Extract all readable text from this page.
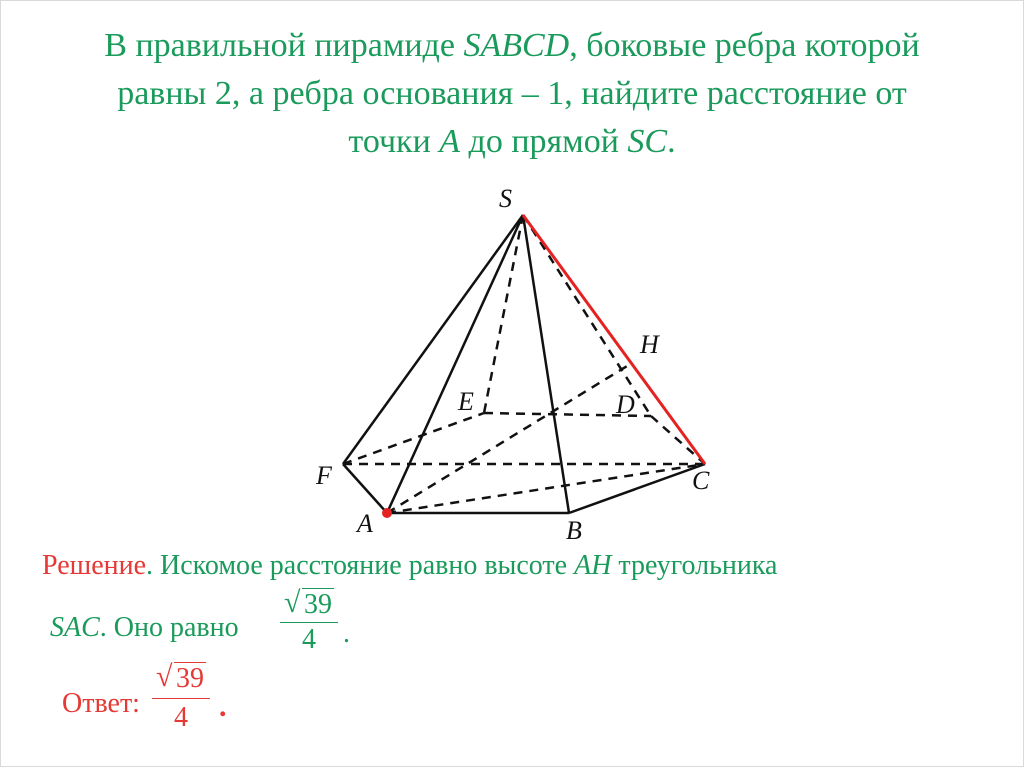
В правильной пирамиде SABCD, боковые ребра которой
равны 2, а ребра основания – 1, найдите расстояние от
точки A до прямой SC.
S
H
E	D
F	C
A	B
Решение. Искомое расстояние равно высоте AH треугольника
SAC. Оно равно $\frac{√ 39}{4}$ .
Ответ: $\frac{√ 39}{4}$ .
